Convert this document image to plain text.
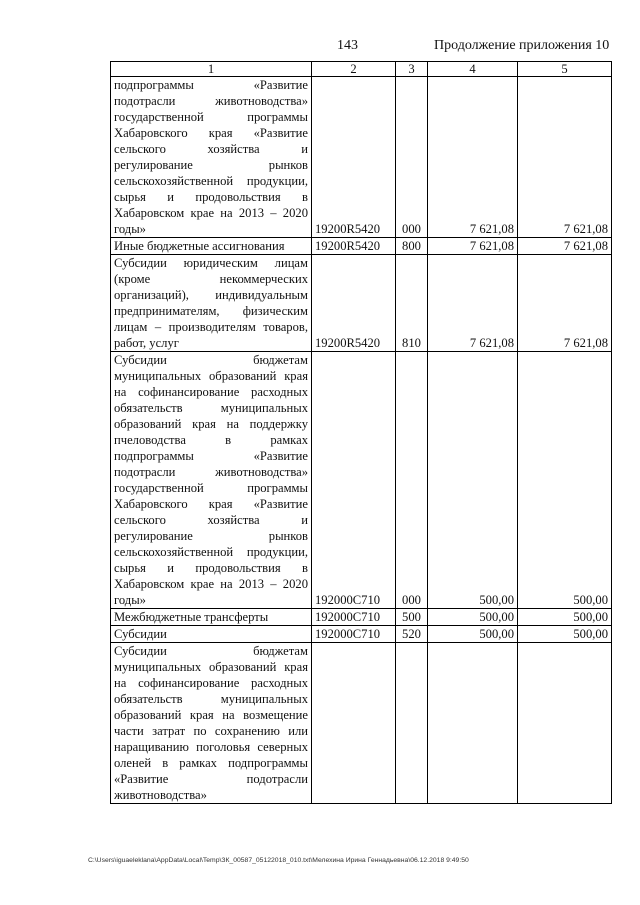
143	Продолжение приложения 10
1	2	3	4	5
подпрограммы «Развитие подотрасли животноводства» государственной программы Хабаровского края «Развитие сельского хозяйства и регулирование рынков сельскохозяйственной продукции, сырья и продовольствия в Хабаровском крае на 2013 – 2020 годы»	19200R5420	000	7 621,08	7 621,08
Иные бюджетные ассигнования	19200R5420	800	7 621,08	7 621,08
Субсидии юридическим лицам (кроме некоммерческих организаций), индивидуальным предпринимателям, физическим лицам – производителям товаров, работ, услуг	19200R5420	810	7 621,08	7 621,08
Субсидии бюджетам муниципальных образований края на софинансирование расходных обязательств муниципальных образований края на поддержку пчеловодства в рамках подпрограммы «Развитие подотрасли животноводства» государственной программы Хабаровского края «Развитие сельского хозяйства и регулирование рынков сельскохозяйственной продукции, сырья и продовольствия в Хабаровском крае на 2013 – 2020 годы»	192000С710	000	500,00	500,00
Межбюджетные трансферты	192000С710	500	500,00	500,00
Субсидии	192000С710	520	500,00	500,00
Субсидии бюджетам муниципальных образований края на софинансирование расходных обязательств муниципальных образований края на возмещение части затрат по сохранению или наращиванию поголовья северных оленей в рамках подпрограммы «Развитие подотрасли животноводства»				
C:\Users\iguaeleklana\AppData\Local\Temp\ЗК_00587_05122018_010.txt\Мелехина Ирина Геннадьевна\06.12.2018 9:49:50
